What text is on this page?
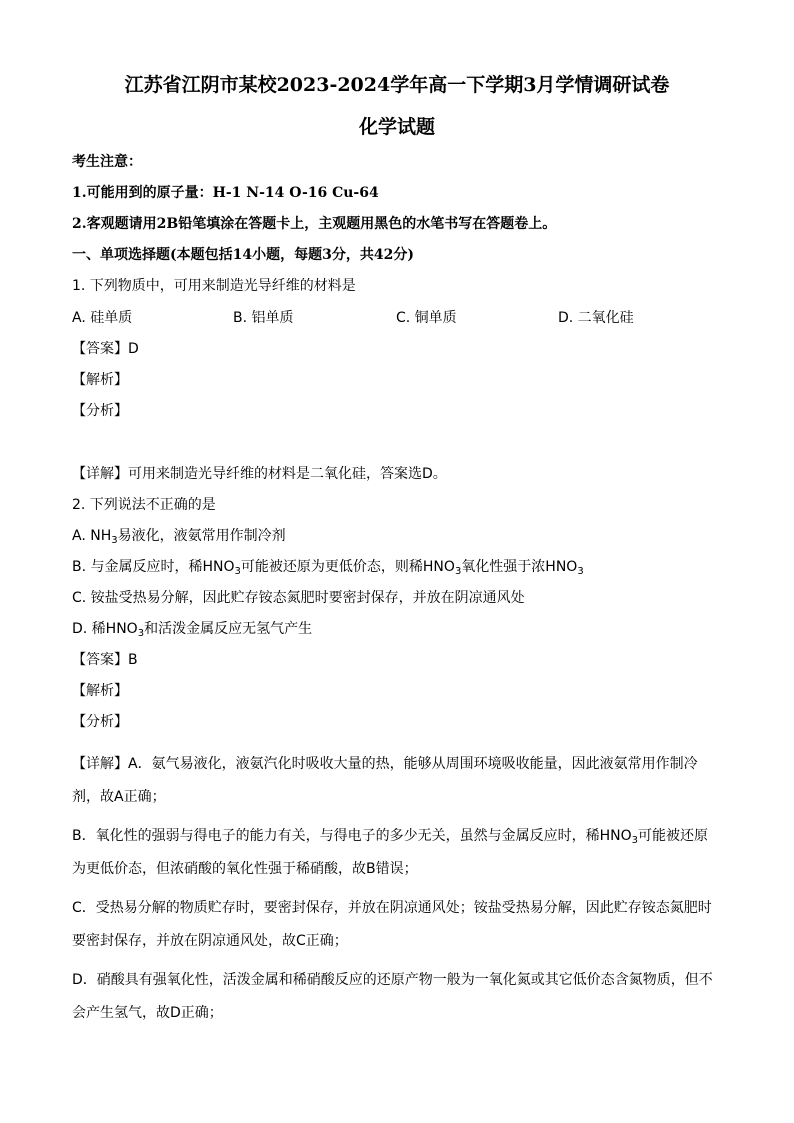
江苏省江阴市某校2023-2024学年高一下学期3月学情调研试卷
化学试题
考生注意：
1.可能用到的原子量：H-1 N-14 O-16 Cu-64
2.客观题请用2B铅笔填涂在答题卡上，主观题用黑色的水笔书写在答题卷上。
一、单项选择题(本题包括14小题，每题3分，共42分)
1. 下列物质中，可用来制造光导纤维的材料是
A. 硅单质	B. 铝单质	C. 铜单质	D. 二氧化硅
【答案】D
【解析】
【分析】
【详解】可用来制造光导纤维的材料是二氧化硅，答案选D。
2. 下列说法不正确的是
A. $NH_3$易液化，液氨常用作制冷剂
B. 与金属反应时，稀$HNO_3$可能被还原为更低价态，则稀$HNO_3$氧化性强于浓$HNO_3$
C. 铵盐受热易分解，因此贮存铵态氮肥时要密封保存，并放在阴凉通风处
D. 稀$HNO_3$和活泼金属反应无氢气产生
【答案】B
【解析】
【分析】
【详解】A．氨气易液化，液氨汽化时吸收大量的热，能够从周围环境吸收能量，因此液氨常用作制冷
剂，故A正确；
B．氧化性的强弱与得电子的能力有关，与得电子的多少无关，虽然与金属反应时，稀$HNO_3$可能被还原
为更低价态，但浓硝酸的氧化性强于稀硝酸，故B错误；
C．受热易分解的物质贮存时，要密封保存，并放在阴凉通风处；铵盐受热易分解，因此贮存铵态氮肥时
要密封保存，并放在阴凉通风处，故C正确；
D．硝酸具有强氧化性，活泼金属和稀硝酸反应的还原产物一般为一氧化氮或其它低价态含氮物质，但不
会产生氢气，故D正确；
